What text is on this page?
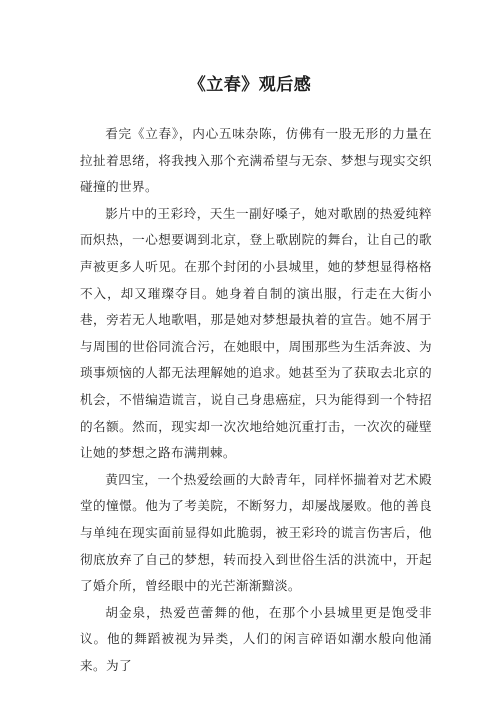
《立春》观后感

看完《立春》，内心五味杂陈，仿佛有一股无形的力量在拉扯着思绪，将我拽入那个充满希望与无奈、梦想与现实交织碰撞的世界。

影片中的王彩玲，天生一副好嗓子，她对歌剧的热爱纯粹而炽热，一心想要调到北京，登上歌剧院的舞台，让自己的歌声被更多人听见。在那个封闭的小县城里，她的梦想显得格格不入，却又璀璨夺目。她身着自制的演出服，行走在大街小巷，旁若无人地歌唱，那是她对梦想最执着的宣告。她不屑于与周围的世俗同流合污，在她眼中，周围那些为生活奔波、为琐事烦恼的人都无法理解她的追求。她甚至为了获取去北京的机会，不惜编造谎言，说自己身患癌症，只为能得到一个特招的名额。然而，现实却一次次地给她沉重打击，一次次的碰壁让她的梦想之路布满荆棘。

黄四宝，一个热爱绘画的大龄青年，同样怀揣着对艺术殿堂的憧憬。他为了考美院，不断努力，却屡战屡败。他的善良与单纯在现实面前显得如此脆弱，被王彩玲的谎言伤害后，他彻底放弃了自己的梦想，转而投入到世俗生活的洪流中，开起了婚介所，曾经眼中的光芒渐渐黯淡。

胡金泉，热爱芭蕾舞的他，在那个小县城里更是饱受非议。他的舞蹈被视为异类，人们的闲言碎语如潮水般向他涌来。为了
